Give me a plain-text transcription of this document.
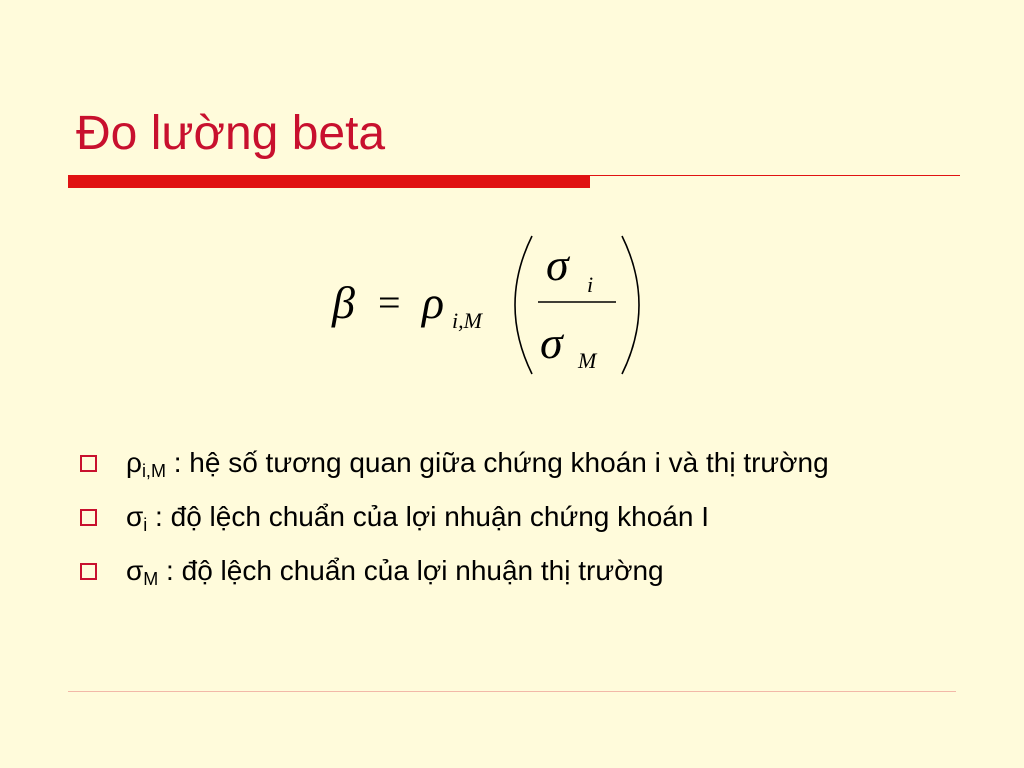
Đo lường beta
β = ρ i,M
σ i
σ M
$\rho_{i,M}$ : hệ số tương quan giữa chứng khoán i và thị trường
$\sigma_i$ : độ lệch chuẩn của lợi nhuận chứng khoán I
$\sigma_M$ : độ lệch chuẩn của lợi nhuận thị trường
